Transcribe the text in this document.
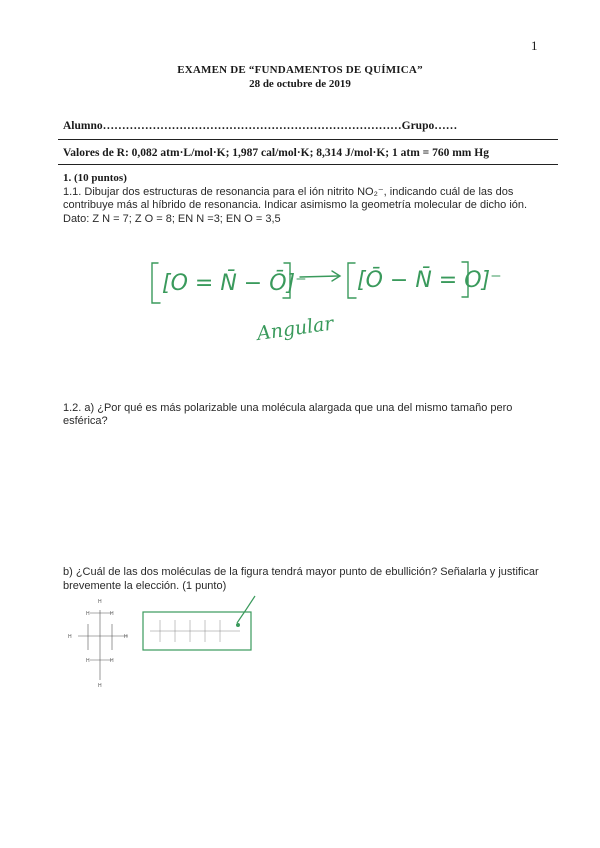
1
EXAMEN DE “FUNDAMENTOS DE QUÍMICA”
28 de octubre de 2019
Alumno……………………………………………………………………Grupo……
Valores de R: 0,082 atm·L/mol·K; 1,987 cal/mol·K; 8,314 J/mol·K; 1 atm = 760 mm Hg
1. (10 puntos)
1.1. Dibujar dos estructuras de resonancia para el ión nitrito NO₂⁻, indicando cuál de las dos
contribuye más al híbrido de resonancia. Indicar asimismo la geometría molecular de dicho ión.
Dato: Z N = 7; Z O = 8; EN N =3; EN O = 3,5
[O = N̄ − Ō]⁻ [Ō − N̄ = O]⁻
Angular
1.2. a) ¿Por qué es más polarizable una molécula alargada que una del mismo tamaño pero esférica?
b) ¿Cuál de las dos moléculas de la figura tendrá mayor punto de ebullición? Señalarla y justificar
brevemente la elección. (1 punto)
H
H	H
H	H
H	H
H
